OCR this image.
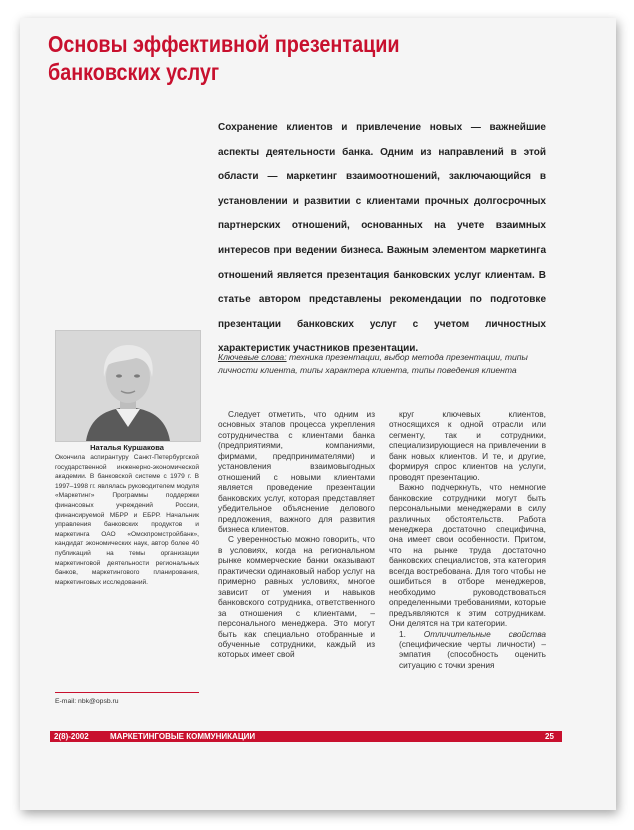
Основы эффективной презентации банковских услуг

Сохранение клиентов и привлечение новых — важнейшие аспекты деятельности банка. Одним из направлений в этой области — маркетинг взаимоотношений, заключающийся в установлении и развитии с клиентами прочных долгосрочных партнерских отношений, основанных на учете взаимных интересов при ведении бизнеса. Важным элементом маркетинга отношений является презентация банковских услуг клиентам. В статье автором представлены рекомендации по подготовке презентации банковских услуг с учетом личностных характеристик участников презентации.

Наталья Куршакова

Окончила аспирантуру Санкт-Петербургской государственной инженерно-экономической академии. В банковской системе с 1979 г. В 1997–1998 гг. являлась руководителем модуля «Маркетинг» Программы поддержки финансовых учреждений России, финансируемой МБРР и ЕБРР. Начальник управления банковских продуктов и маркетинга ОАО «Омскпромстройбанк», кандидат экономических наук, автор более 40 публикаций на темы организации маркетинговой деятельности региональных банков, маркетингового планирования, маркетинговых исследований.

E-mail: nbk@opsb.ru

Ключевые слова: техника презентации, выбор метода презентации, типы личности клиента, типы характера клиента, типы поведения клиента

Следует отметить, что одним из основных этапов процесса укрепления сотрудничества с клиентами банка (предприятиями, компаниями, фирмами, предпринимателями) и установления взаимовыгодных отношений с новыми клиентами является проведение презентации банковских услуг, которая представляет убедительное объяснение делового предложения, важного для развития бизнеса клиентов.

С уверенностью можно говорить, что в условиях, когда на региональном рынке коммерческие банки оказывают практически одинаковый набор услуг на примерно равных условиях, многое зависит от умения и навыков банковского сотрудника, ответственного за отношения с клиентами, – персонального менеджера. Это могут быть как специально отобранные и обученные сотрудники, каждый из которых имеет свой

круг ключевых клиентов, относящихся к одной отрасли или сегменту, так и сотрудники, специализирующиеся на привлечении в банк новых клиентов. И те, и другие, формируя спрос клиентов на услуги, проводят презентацию.

Важно подчеркнуть, что немногие банковские сотрудники могут быть персональными менеджерами в силу различных обстоятельств. Работа менеджера достаточно специфична, она имеет свои особенности. Притом, что на рынке труда достаточно банковских специалистов, эта категория всегда востребована. Для того чтобы не ошибиться в отборе менеджеров, необходимо руководствоваться определенными требованиями, которые предъявляются к этим сотрудникам. Они делятся на три категории.

1. Отличительные свойства (специфические черты личности) – эмпатия (способность оценить ситуацию с точки зрения

2(8)-2002	МАРКЕТИНГОВЫЕ КОММУНИКАЦИИ	25
